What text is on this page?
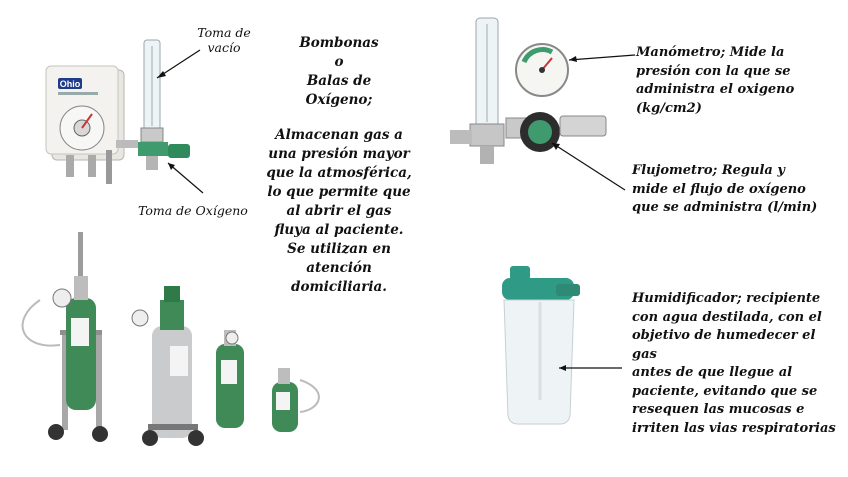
Ohio
Toma de
vacío
Toma de Oxígeno
Bombonas
o
Balas de
Oxígeno;
Almacenan gas a
una presión mayor
que la atmosférica,
lo que permite que
al abrir el gas
fluya al paciente.
Se utilizan en
atención
domiciliaria.
Manómetro; Mide la
presión con la que se
administra el oxigeno
(kg/cm2)
Flujometro; Regula y
mide el flujo de oxígeno
que se administra (l/min)
Humidificador; recipiente
con agua destilada, con el
objetivo de humedecer el gas
antes de que llegue al
paciente, evitando que se
resequen las mucosas e
irriten las vias respiratorias
